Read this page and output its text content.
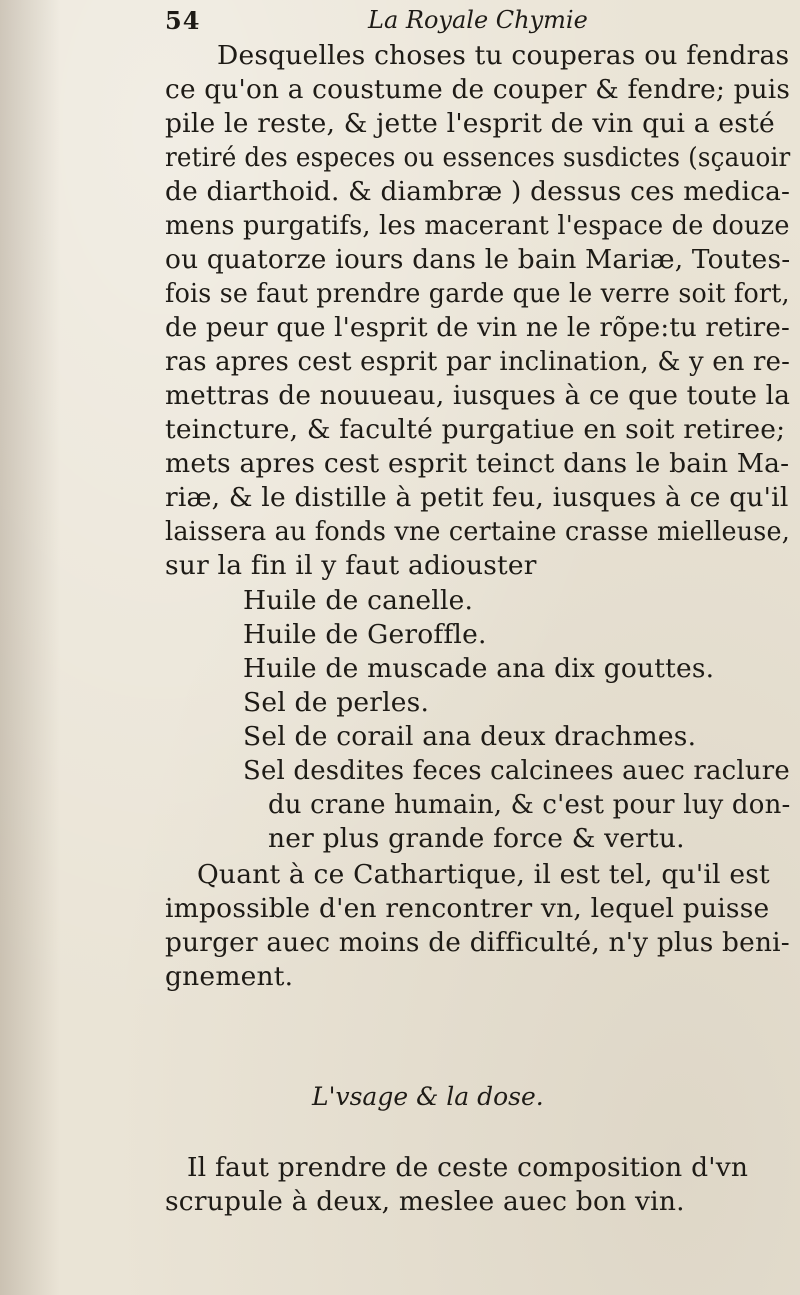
54	La Royale Chymie
Desquelles choses tu couperas ou fendras
ce qu'on a coustume de couper & fendre; puis
pile le reste, & jette l'esprit de vin qui a esté
retiré des especes ou essences susdictes (sçauoir
de diarthoid. & diambræ ) dessus ces medica-
mens purgatifs, les macerant l'espace de douze
ou quatorze iours dans le bain Mariæ, Toutes-
fois se faut prendre garde que le verre soit fort,
de peur que l'esprit de vin ne le rõpe:tu retire-
ras apres cest esprit par inclination, & y en re-
mettras de nouueau, iusques à ce que toute la
teincture, & faculté purgatiue en soit retiree;
mets apres cest esprit teinct dans le bain Ma-
riæ, & le distille à petit feu, iusques à ce qu'il
laissera au fonds vne certaine crasse mielleuse,
sur la fin il y faut adiouster
Huile de canelle.
Huile de Geroffle.
Huile de muscade ana dix gouttes.
Sel de perles.
Sel de corail ana deux drachmes.
Sel desdites feces calcinees auec raclure
du crane humain, & c'est pour luy don-
ner plus grande force & vertu.
Quant à ce Cathartique, il est tel, qu'il est
impossible d'en rencontrer vn, lequel puisse
purger auec moins de difficulté, n'y plus beni-
gnement.
L'vsage & la dose.
Il faut prendre de ceste composition d'vn
scrupule à deux, meslee auec bon vin.
